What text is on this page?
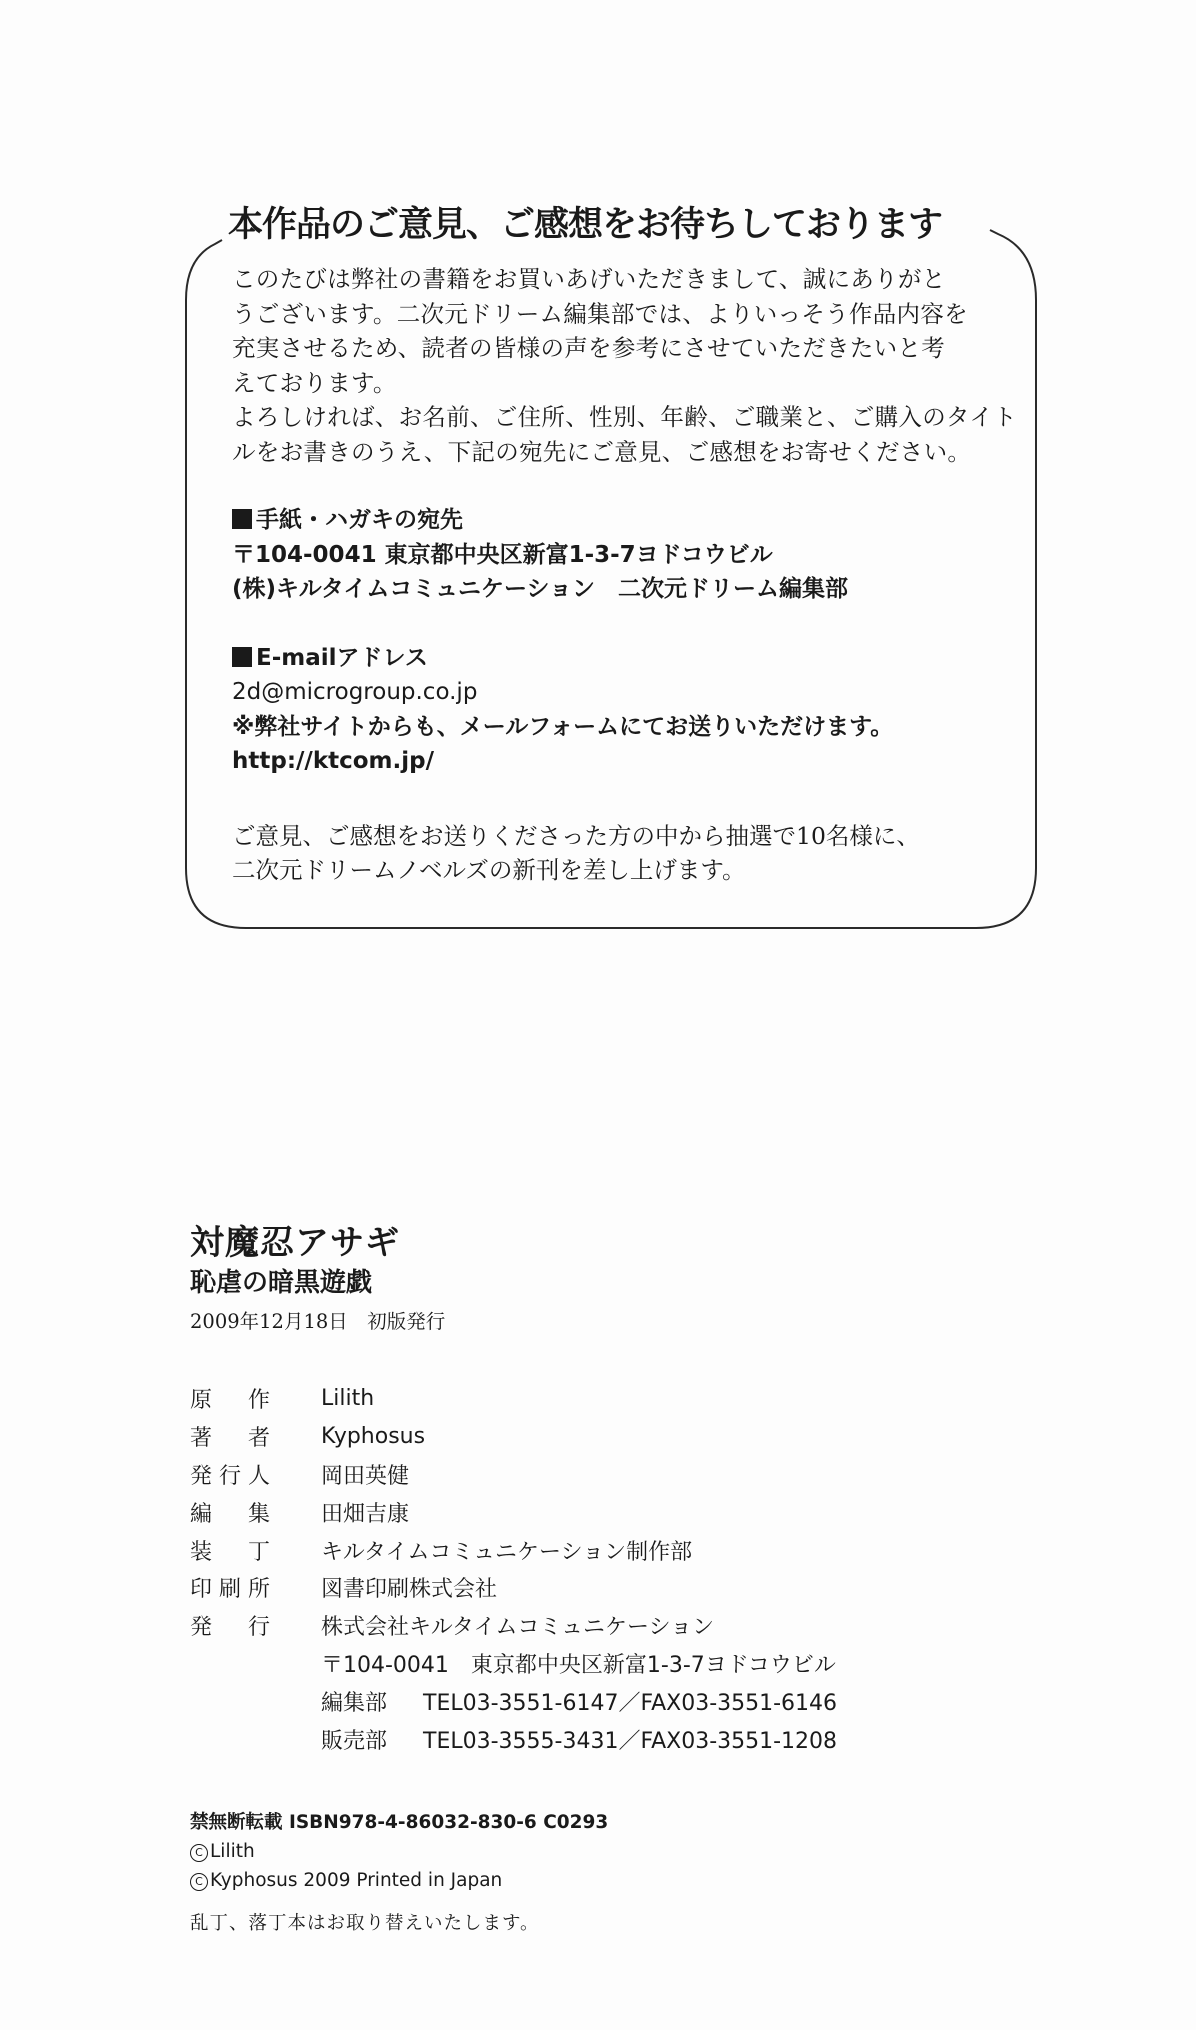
本作品のご意見、ご感想をお待ちしております

このたびは弊社の書籍をお買いあげいただきまして、誠にありがと
うございます。二次元ドリーム編集部では、よりいっそう作品内容を
充実させるため、読者の皆様の声を参考にさせていただきたいと考
えております。
よろしければ、お名前、ご住所、性別、年齢、ご職業と、ご購入のタイト
ルをお書きのうえ、下記の宛先にご意見、ご感想をお寄せください。

手紙・ハガキの宛先
〒104-0041 東京都中央区新富1-3-7ヨドコウビル
(株)キルタイムコミュニケーション　二次元ドリーム編集部
E-mailアドレス
2d@microgroup.co.jp
※弊社サイトからも、メールフォームにてお送りいただけます。
http://ktcom.jp/

ご意見、ご感想をお送りくださった方の中から抽選で10名様に、
二次元ドリームノベルズの新刊を差し上げます。

対魔忍アサギ
恥虐の暗黒遊戯
2009年12月18日　初版発行
原作	Lilith
著者	Kyphosus
発行人	岡田英健
編集	田畑吉康
装丁	キルタイムコミュニケーション制作部
印刷所	図書印刷株式会社
発行	株式会社キルタイムコミュニケーション
〒104-0041　東京都中央区新富1-3-7ヨドコウビル
編集部	TEL03-3551-6147／FAX03-3551-6146
販売部	TEL03-3555-3431／FAX03-3551-1208
禁無断転載 ISBN978-4-86032-830-6 C0293
C Lilith
C Kyphosus 2009 Printed in Japan
乱丁、落丁本はお取り替えいたします。
